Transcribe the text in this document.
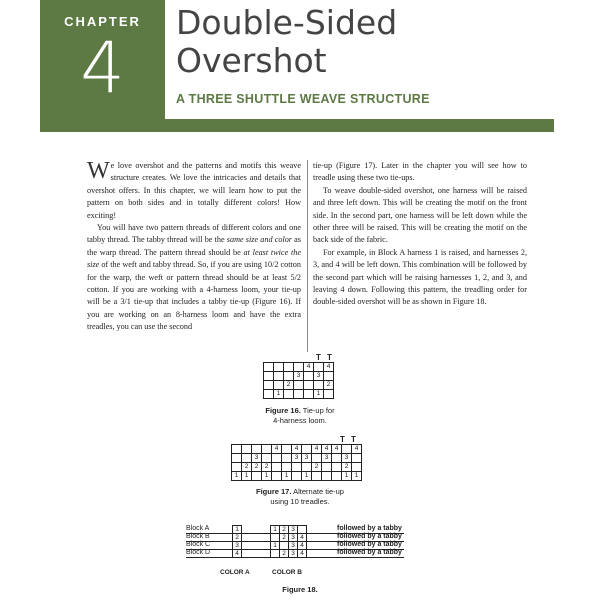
CHAPTER
4
Double-Sided
Overshot
A THREE SHUTTLE WEAVE STRUCTURE

We love overshot and the patterns and motifs this weave structure creates. We love the intricacies and details that overshot offers. In this chapter, we will learn how to put the pattern on both sides and in totally different colors! How exciting!

You will have two pattern threads of different colors and one tabby thread. The tabby thread will be the same size and color as the warp thread. The pattern thread should be at least twice the size of the weft and tabby thread. So, if you are using 10/2 cotton for the warp, the weft or pattern thread should be at least 5/2 cotton. If you are working with a 4-harness loom, your tie-up will be a 3/1 tie-up that includes a tabby tie-up (Figure 16). If you are working on an 8-harness loom and have the extra treadles, you can use the second

tie-up (Figure 17). Later in the chapter you will see how to treadle using these two tie-ups.

To weave double-sided overshot, one harness will be raised and three left down. This will be creating the motif on the front side. In the second part, one harness will be left down while the other three will be raised. This will be creating the motif on the back side of the fabric.

For example, in Block A harness 1 is raised, and harnesses 2, 3, and 4 will be left down. This combination will be followed by the second part which will be raising harnesses 1, 2, and 3, and leaving 4 down. Following this pattern, the treadling order for double-sided overshot will be as shown in Figure 18.

T T
				4		4
			3		3	
		2				2
	1				1	
Figure 16. Tie-up for
4-harness loom.
T T
				4		4		4	4	4		4
		3				3	3		3		3	
	2	2	2					2			2	
1	1		1		1		1				1	1
Figure 17. Alternate tie-up
using 10 treadles.
Block A	1	1 2 3	followed by a tabby
Block B	2	2 3 4	followed by a tabby
Block C	3	1	3 4	followed by a tabby
Block D	4	2 3 4	followed by a tabby
COLOR A	COLOR B
Figure 18.
